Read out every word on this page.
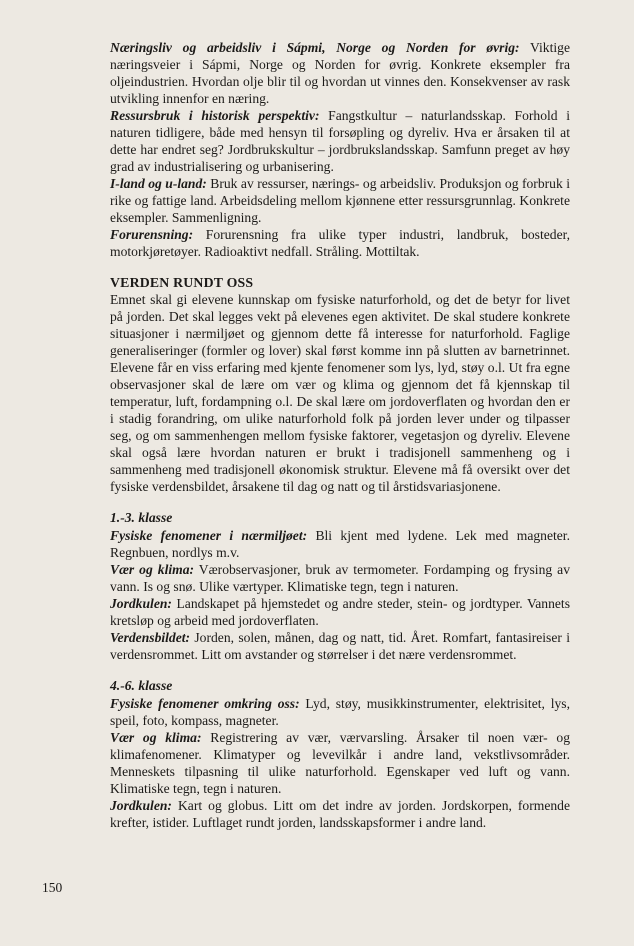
Næringsliv og arbeidsliv i Sápmi, Norge og Norden for øvrig: Viktige næringsveier i Sápmi, Norge og Norden for øvrig. Konkrete eksempler fra oljeindustrien. Hvordan olje blir til og hvordan ut vinnes den. Konsekvenser av rask utvikling innenfor en næring.

Ressursbruk i historisk perspektiv: Fangstkultur – naturlandsskap. Forhold i naturen tidligere, både med hensyn til forsøpling og dyreliv. Hva er årsaken til at dette har endret seg? Jordbrukskultur – jordbrukslandsskap. Samfunn preget av høy grad av industrialisering og urbanisering.

I-land og u-land: Bruk av ressurser, nærings- og arbeidsliv. Produksjon og forbruk i rike og fattige land. Arbeidsdeling mellom kjønnene etter ressursgrunnlag. Konkrete eksempler. Sammenligning.

Forurensning: Forurensning fra ulike typer industri, landbruk, bosteder, motorkjøretøyer. Radioaktivt nedfall. Stråling. Mottiltak.

VERDEN RUNDT OSS

Emnet skal gi elevene kunnskap om fysiske naturforhold, og det de betyr for livet på jorden. Det skal legges vekt på elevenes egen aktivitet. De skal studere konkrete situasjoner i nærmiljøet og gjennom dette få interesse for naturforhold. Faglige generaliseringer (formler og lover) skal først komme inn på slutten av barnetrinnet. Elevene får en viss erfaring med kjente fenomener som lys, lyd, støy o.l. Ut fra egne observasjoner skal de lære om vær og klima og gjennom det få kjennskap til temperatur, luft, fordampning o.l. De skal lære om jordoverflaten og hvordan den er i stadig forandring, om ulike naturforhold folk på jorden lever under og tilpasser seg, og om sammenhengen mellom fysiske faktorer, vegetasjon og dyreliv. Elevene skal også lære hvordan naturen er brukt i tradisjonell sammenheng og i sammenheng med tradisjonell økonomisk struktur. Elevene må få oversikt over det fysiske verdensbildet, årsakene til dag og natt og til årstidsvariasjonene.

1.-3. klasse

Fysiske fenomener i nærmiljøet: Bli kjent med lydene. Lek med magneter. Regnbuen, nordlys m.v.

Vær og klima: Værobservasjoner, bruk av termometer. Fordamping og frysing av vann. Is og snø. Ulike værtyper. Klimatiske tegn, tegn i naturen.

Jordkulen: Landskapet på hjemstedet og andre steder, stein- og jordtyper. Vannets kretsløp og arbeid med jordoverflaten.

Verdensbildet: Jorden, solen, månen, dag og natt, tid. Året. Romfart, fantasireiser i verdensrommet. Litt om avstander og størrelser i det nære verdensrommet.

4.-6. klasse

Fysiske fenomener omkring oss: Lyd, støy, musikkinstrumenter, elektrisitet, lys, speil, foto, kompass, magneter.

Vær og klima: Registrering av vær, værvarsling. Årsaker til noen vær- og klimafenomener. Klimatyper og levevilkår i andre land, vekstlivsområder. Menneskets tilpasning til ulike naturforhold. Egenskaper ved luft og vann. Klimatiske tegn, tegn i naturen.

Jordkulen: Kart og globus. Litt om det indre av jorden. Jordskorpen, formende krefter, istider. Luftlaget rundt jorden, landsskapsformer i andre land.

150
